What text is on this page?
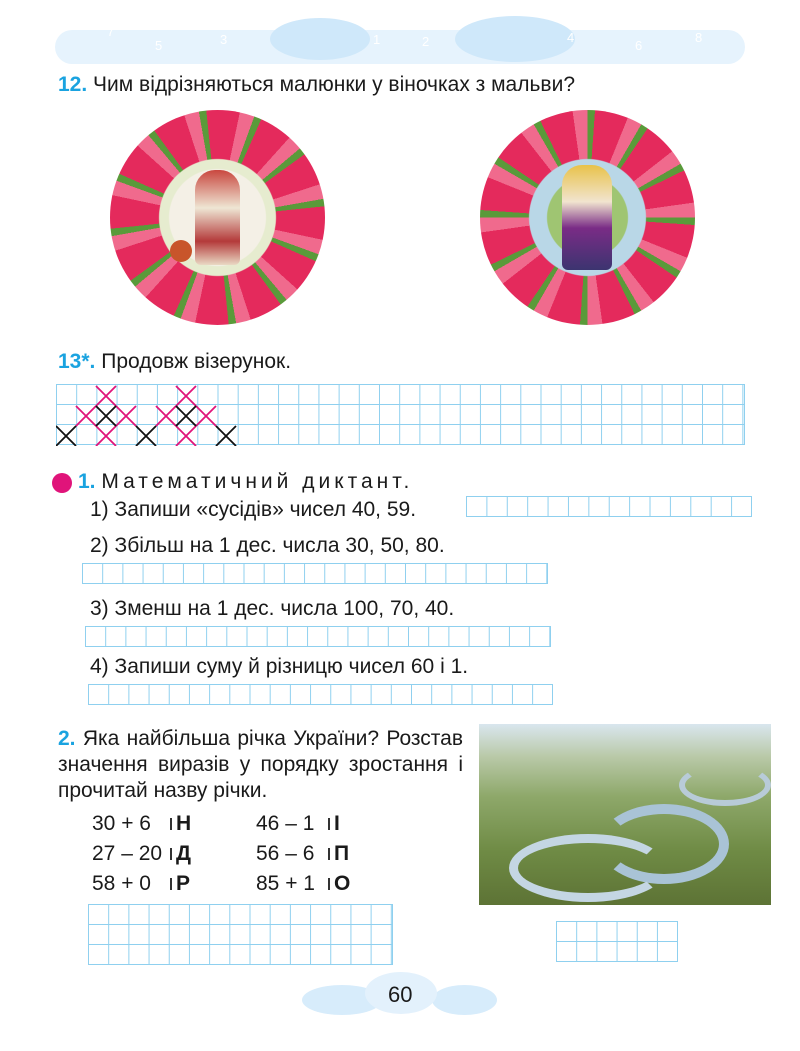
7
5	3	1
0
2	4
6
8
12. Чим відрізняються малюнки у віночках з мальви?
13*. Продовж візерунок.
1. Математичний диктант.
1) Запиши «сусідів» чисел 40, 59.
2) Збільш на 1 дес. числа 30, 50, 80.
3) Зменш на 1 дес. числа 100, 70, 40.
4) Запиши суму й різницю чисел 60 і 1.
2. Яка найбільша річка України? Розстав значення виразів у порядку зростання і прочитай назву річки.
30 + 6 Н	46 – 1 І
27 – 20 Д	56 – 6 П
58 + 0 Р	85 + 1 О
60
